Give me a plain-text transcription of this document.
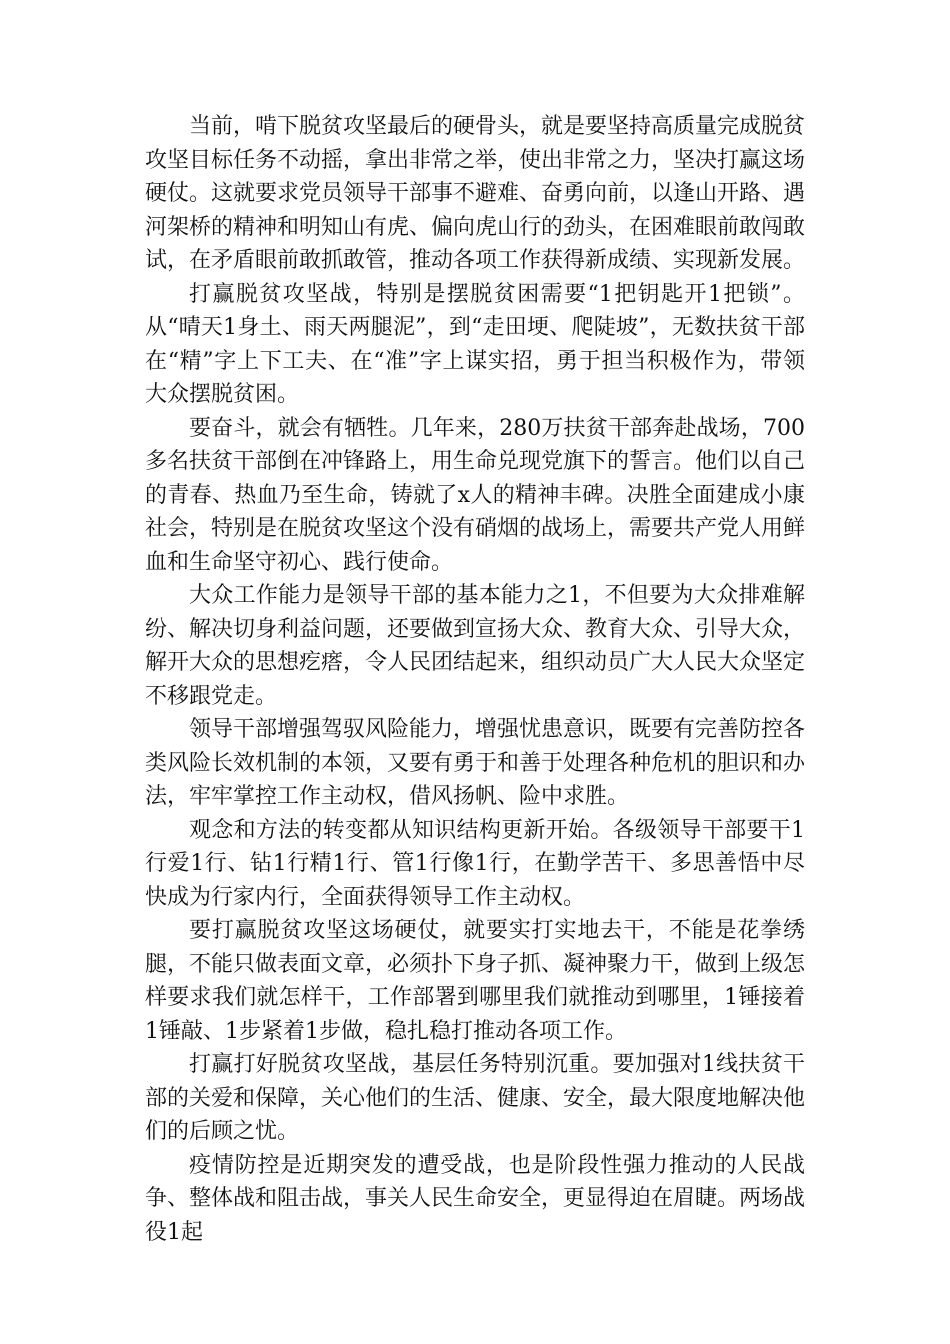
当前，啃下脱贫攻坚最后的硬骨头，就是要坚持高质量完成脱贫攻坚目标任务不动摇，拿出非常之举，使出非常之力，坚决打赢这场硬仗。这就要求党员领导干部事不避难、奋勇向前，以逢山开路、遇河架桥的精神和明知山有虎、偏向虎山行的劲头，在困难眼前敢闯敢试，在矛盾眼前敢抓敢管，推动各项工作获得新成绩、实现新发展。

打赢脱贫攻坚战，特别是摆脱贫困需要“1把钥匙开1把锁”。从“晴天1身土、雨天两腿泥”，到“走田埂、爬陡坡”，无数扶贫干部在“精”字上下工夫、在“准”字上谋实招，勇于担当积极作为，带领大众摆脱贫困。

要奋斗，就会有牺牲。几年来，280万扶贫干部奔赴战场，700多名扶贫干部倒在冲锋路上，用生命兑现党旗下的誓言。他们以自己的青春、热血乃至生命，铸就了x人的精神丰碑。决胜全面建成小康社会，特别是在脱贫攻坚这个没有硝烟的战场上，需要共产党人用鲜血和生命坚守初心、践行使命。

大众工作能力是领导干部的基本能力之1，不但要为大众排难解纷、解决切身利益问题，还要做到宣扬大众、教育大众、引导大众，解开大众的思想疙瘩，令人民团结起来，组织动员广大人民大众坚定不移跟党走。

领导干部增强驾驭风险能力，增强忧患意识，既要有完善防控各类风险长效机制的本领，又要有勇于和善于处理各种危机的胆识和办法，牢牢掌控工作主动权，借风扬帆、险中求胜。

观念和方法的转变都从知识结构更新开始。各级领导干部要干1行爱1行、钻1行精1行、管1行像1行，在勤学苦干、多思善悟中尽快成为行家内行，全面获得领导工作主动权。

要打赢脱贫攻坚这场硬仗，就要实打实地去干，不能是花拳绣腿，不能只做表面文章，必须扑下身子抓、凝神聚力干，做到上级怎样要求我们就怎样干，工作部署到哪里我们就推动到哪里，1锤接着1锤敲、1步紧着1步做，稳扎稳打推动各项工作。

打赢打好脱贫攻坚战，基层任务特别沉重。要加强对1线扶贫干部的关爱和保障，关心他们的生活、健康、安全，最大限度地解决他们的后顾之忧。

疫情防控是近期突发的遭受战，也是阶段性强力推动的人民战争、整体战和阻击战，事关人民生命安全，更显得迫在眉睫。两场战役1起
